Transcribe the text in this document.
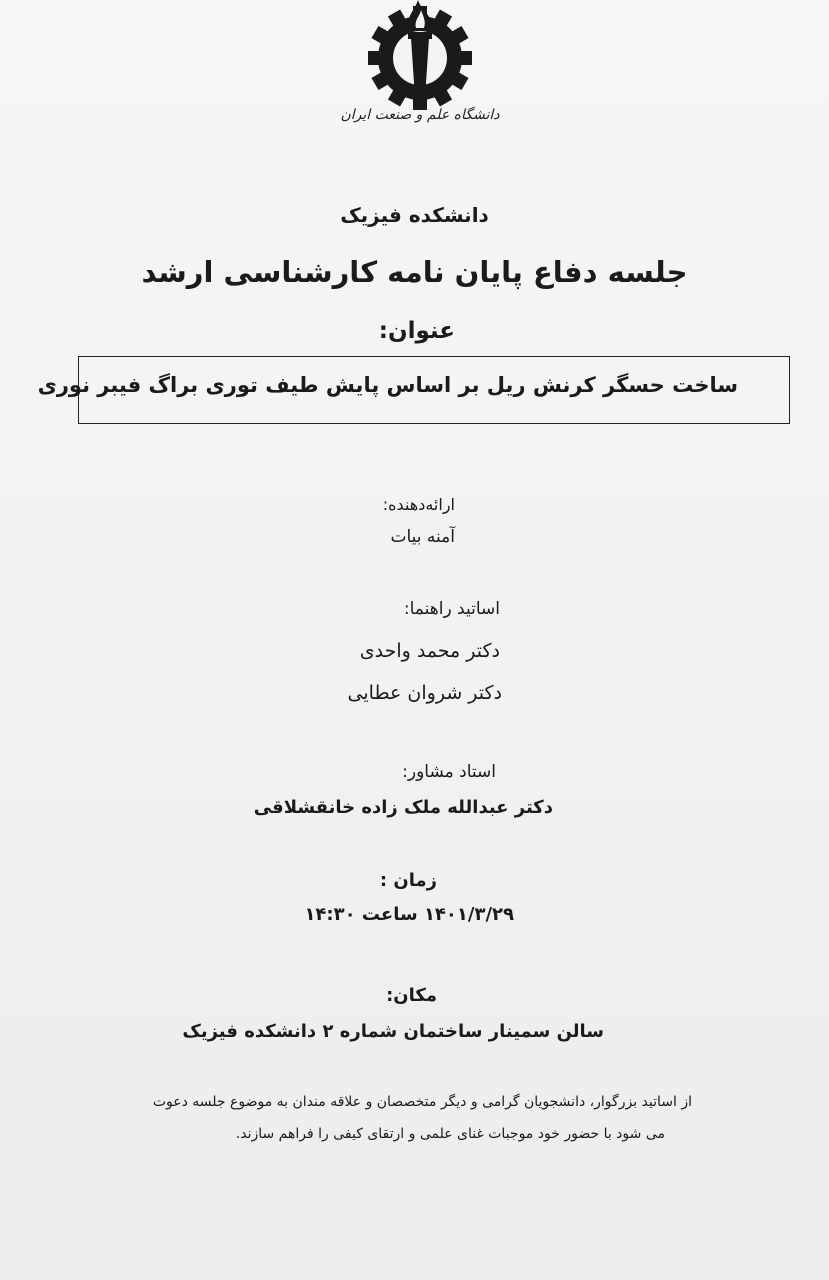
دانشگاه علم و صنعت ایران
دانشکده فیزیک
جلسه دفاع پایان نامه کارشناسی ارشد
عنوان:
ساخت حسگر کرنش ریل بر اساس پایش طیف توری براگ فیبر نوری
ارائه‌دهنده:
آمنه بیات
اساتید راهنما:
دکتر محمد واحدی
دکتر شروان عطایی
استاد مشاور:
دکتر عبدالله ملک زاده خانقشلاقی
زمان :
۱۴۰۱/۳/۲۹ ساعت ۱۴:۳۰
مکان:
سالن سمینار ساختمان شماره ۲ دانشکده فیزیک
از اساتید بزرگوار، دانشجویان گرامی و دیگر متخصصان و علاقه مندان به موضوع جلسه دعوت
می شود با حضور خود موجبات غنای علمی و ارتقای کیفی را فراهم سازند.
